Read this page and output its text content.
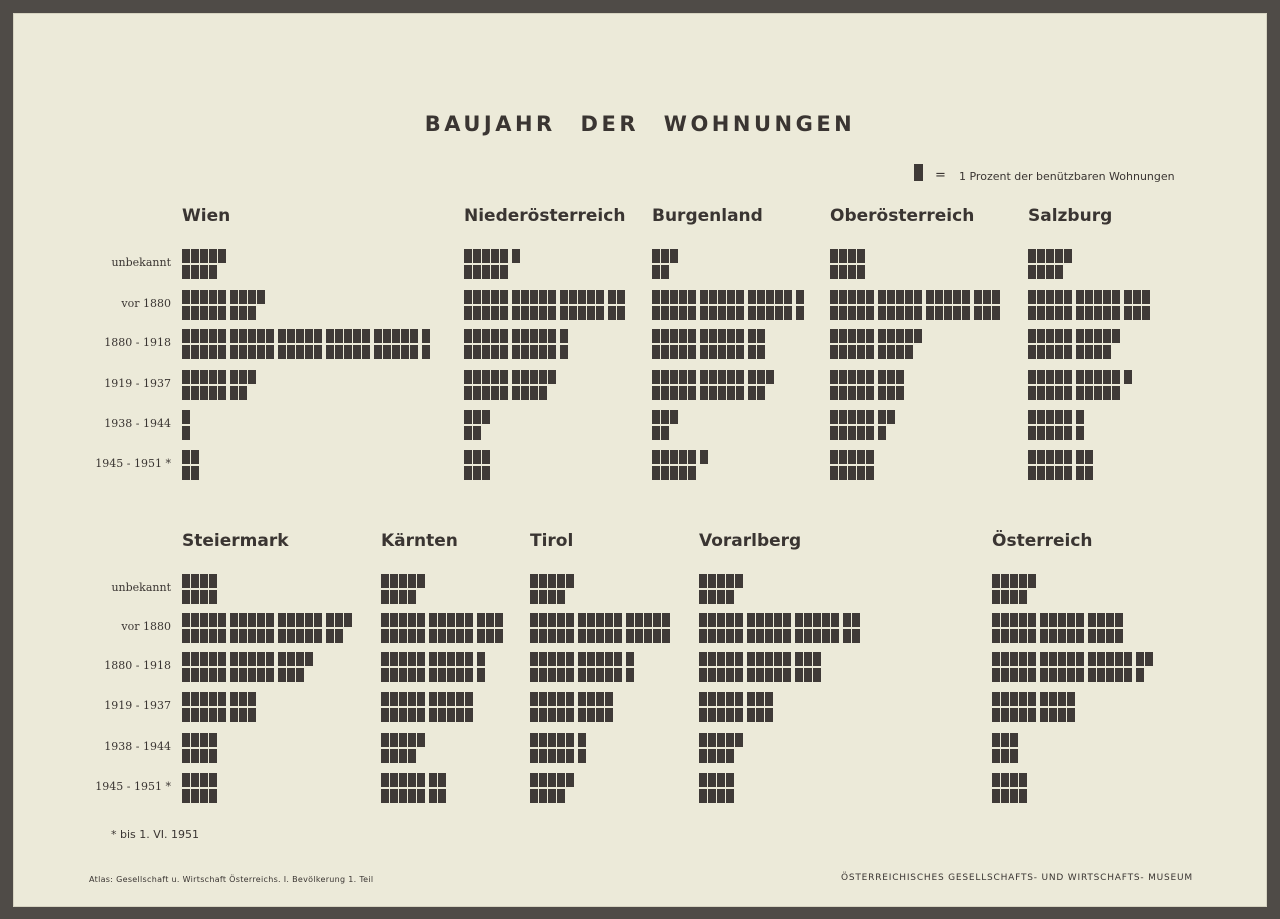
unbekannt
vor 1880
1880 - 1918
1919 - 1937
1938 - 1944
1945 - 1951 *
unbekannt
vor 1880
1880 - 1918
1919 - 1937
1938 - 1944
1945 - 1951 *
Wien	Niederösterreich Burgenland	Oberösterreich	Salzburg
Steiermark	Kärnten	Tirol	Vorarlberg	Österreich
BAUJAHR DER WOHNUNGEN
= 1 Prozent der benützbaren Wohnungen
* bis 1. VI. 1951
Atlas: Gesellschaft u. Wirtschaft Österreichs. I. Bevölkerung 1. Teil	ÖSTERREICHISCHES GESELLSCHAFTS- UND WIRTSCHAFTS- MUSEUM
